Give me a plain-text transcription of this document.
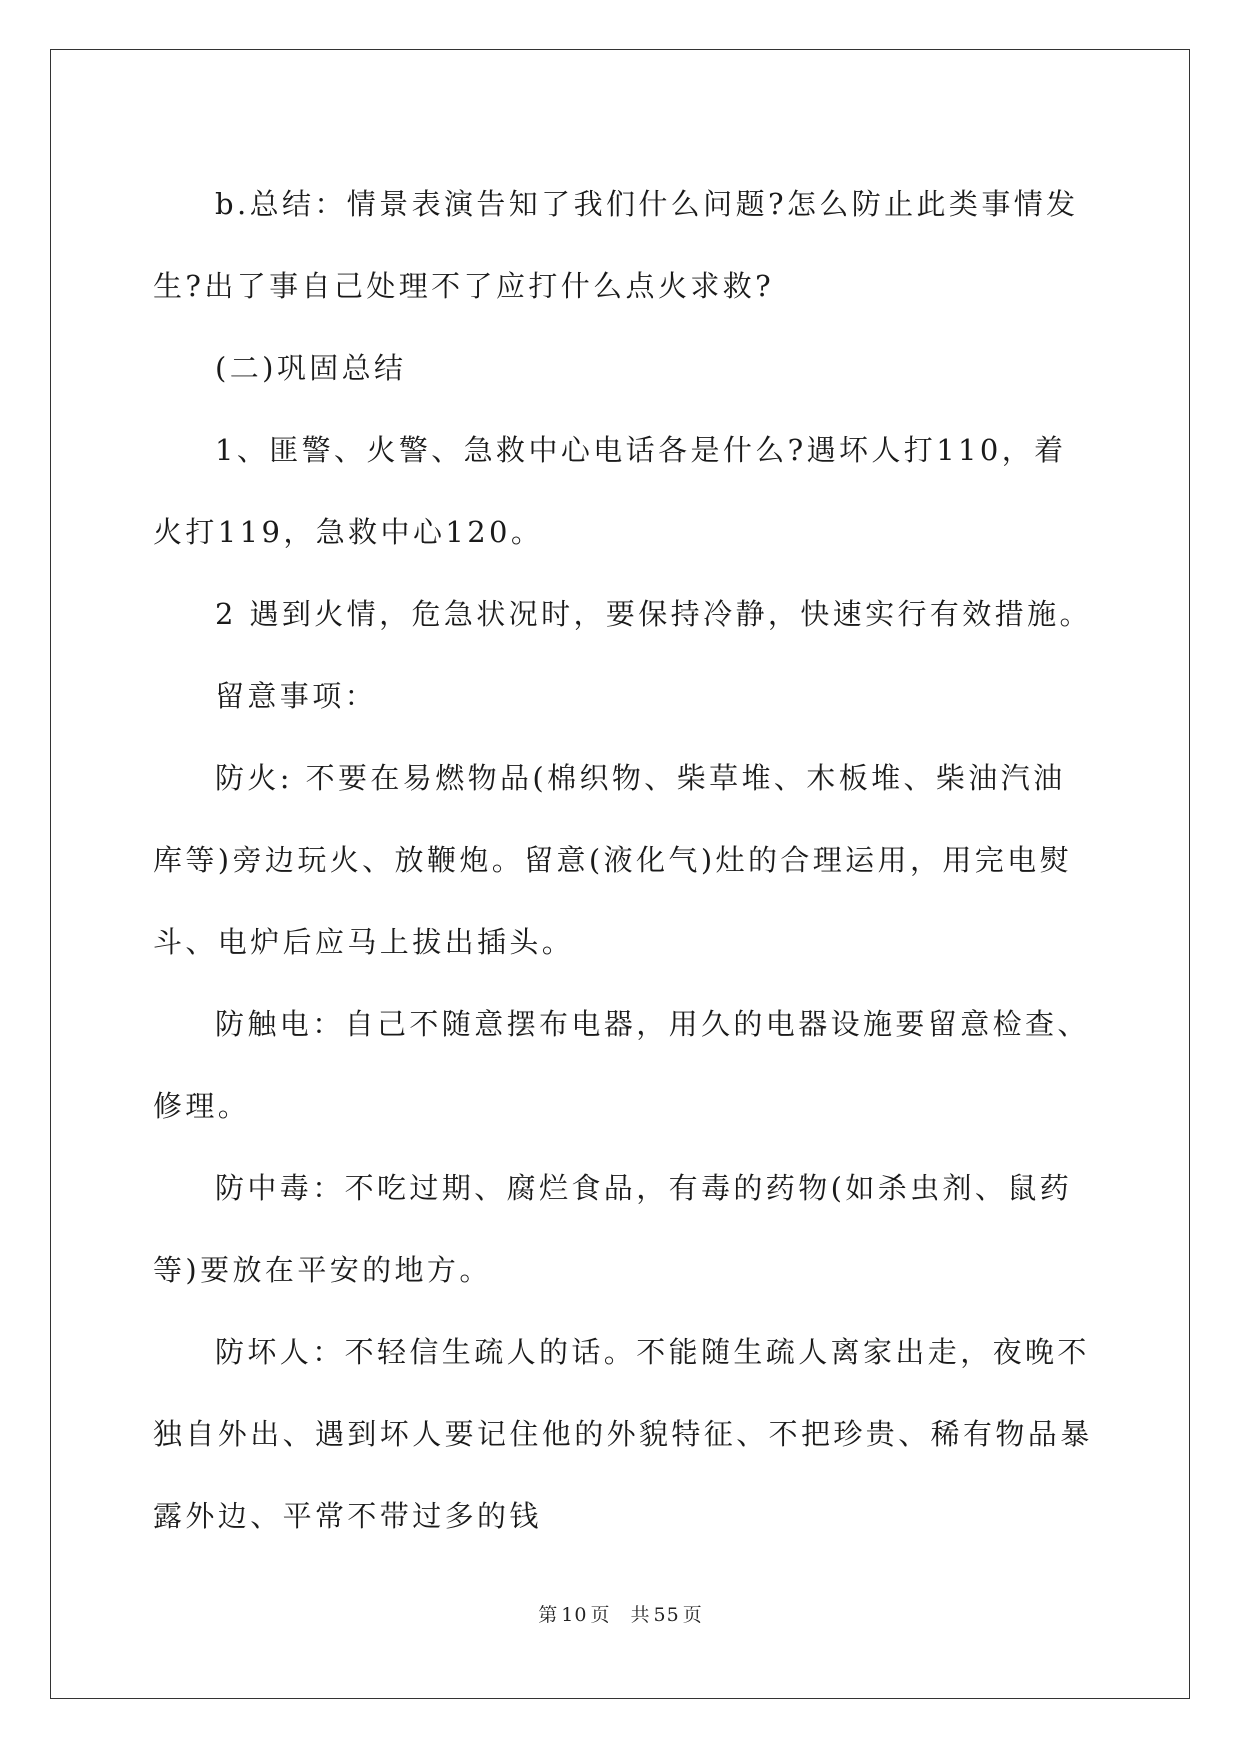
b.总结：情景表演告知了我们什么问题?怎么防止此类事情发生?出了事自己处理不了应打什么点火求救?

(二)巩固总结

1、匪警、火警、急救中心电话各是什么?遇坏人打110，着火打119，急救中心120。

2 遇到火情，危急状况时，要保持冷静，快速实行有效措施。

留意事项：

防火: 不要在易燃物品(棉织物、柴草堆、木板堆、柴油汽油库等)旁边玩火、放鞭炮。留意(液化气)灶的合理运用，用完电熨斗、电炉后应马上拔出插头。

防触电：自己不随意摆布电器，用久的电器设施要留意检查、修理。

防中毒：不吃过期、腐烂食品，有毒的药物(如杀虫剂、鼠药等)要放在平安的地方。

防坏人：不轻信生疏人的话。不能随生疏人离家出走，夜晚不独自外出、遇到坏人要记住他的外貌特征、不把珍贵、稀有物品暴露外边、平常不带过多的钱

第 10 页 共 55 页
